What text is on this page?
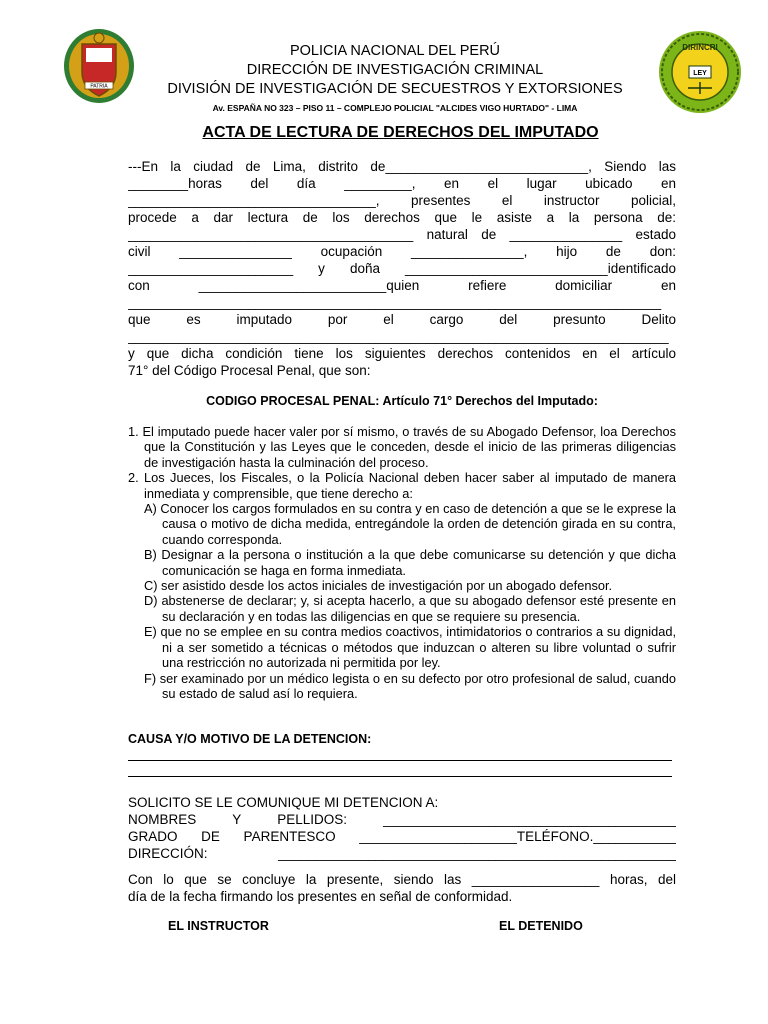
PATRIA
DIRINCRI
LEY
POLICIA NACIONAL DEL PERÚ
DIRECCIÓN DE INVESTIGACIÓN CRIMINAL
DIVISIÓN DE INVESTIGACIÓN DE SECUESTROS Y EXTORSIONES
Av. ESPAÑA NO 323 – PISO 11 – COMPLEJO POLICIAL "ALCIDES VIGO HURTADO" - LIMA
ACTA DE LECTURA DE DERECHOS DEL IMPUTADO
---En la ciudad de Lima, distrito de___________________________, Siendo las
________horas del día _________, en el lugar ubicado en
_________________________________, presentes el instructor policial,
procede a dar lectura de los derechos que le asiste a la persona de:
______________________________________ natural de _______________ estado
civil _______________ ocupación _______________, hijo de don:
______________________ y doña ___________________________identificado
con _________________________quien refiere domiciliar en
_______________________________________________________________________
que es imputado por el cargo del presunto Delito
________________________________________________________________________
y que dicha condición tiene los siguientes derechos contenidos en el artículo
71° del Código Procesal Penal, que son:
CODIGO PROCESAL PENAL: Artículo 71° Derechos del Imputado:

1. El imputado puede hacer valer por sí mismo, o través de su Abogado Defensor, loa Derechos que la Constitución y las Leyes que le conceden, desde el inicio de las primeras diligencias de investigación hasta la culminación del proceso.

2. Los Jueces, los Fiscales, o la Policía Nacional deben hacer saber al imputado de manera inmediata y comprensible, que tiene derecho a:

A) Conocer los cargos formulados en su contra y en caso de detención a que se le exprese la causa o motivo de dicha medida, entregándole la orden de detención girada en su contra, cuando corresponda.

B) Designar a la persona o institución a la que debe comunicarse su detención y que dicha comunicación se haga en forma inmediata.

C) ser asistido desde los actos iniciales de investigación por un abogado defensor.

D) abstenerse de declarar; y, si acepta hacerlo, a que su abogado defensor esté presente en su declaración y en todas las diligencias en que se requiere su presencia.

E) que no se emplee en su contra medios coactivos, intimidatorios o contrarios a su dignidad, ni a ser sometido a técnicas o métodos que induzcan o alteren su libre voluntad o sufrir una restricción no autorizada ni permitida por ley.

F) ser examinado por un médico legista o en su defecto por otro profesional de salud, cuando su estado de salud así lo requiera.

CAUSA Y/O MOTIVO DE LA DETENCION:
SOLICITO SE LE COMUNIQUE MI DETENCION A:
NOMBRES Y PELLIDOS: _______________________________________
GRADO DE PARENTESCO _____________________TELÉFONO.___________
DIRECCIÓN: _____________________________________________________
Con lo que se concluye la presente, siendo las _________________ horas, del
día de la fecha firmando los presentes en señal de conformidad.
EL INSTRUCTOR	EL DETENIDO
